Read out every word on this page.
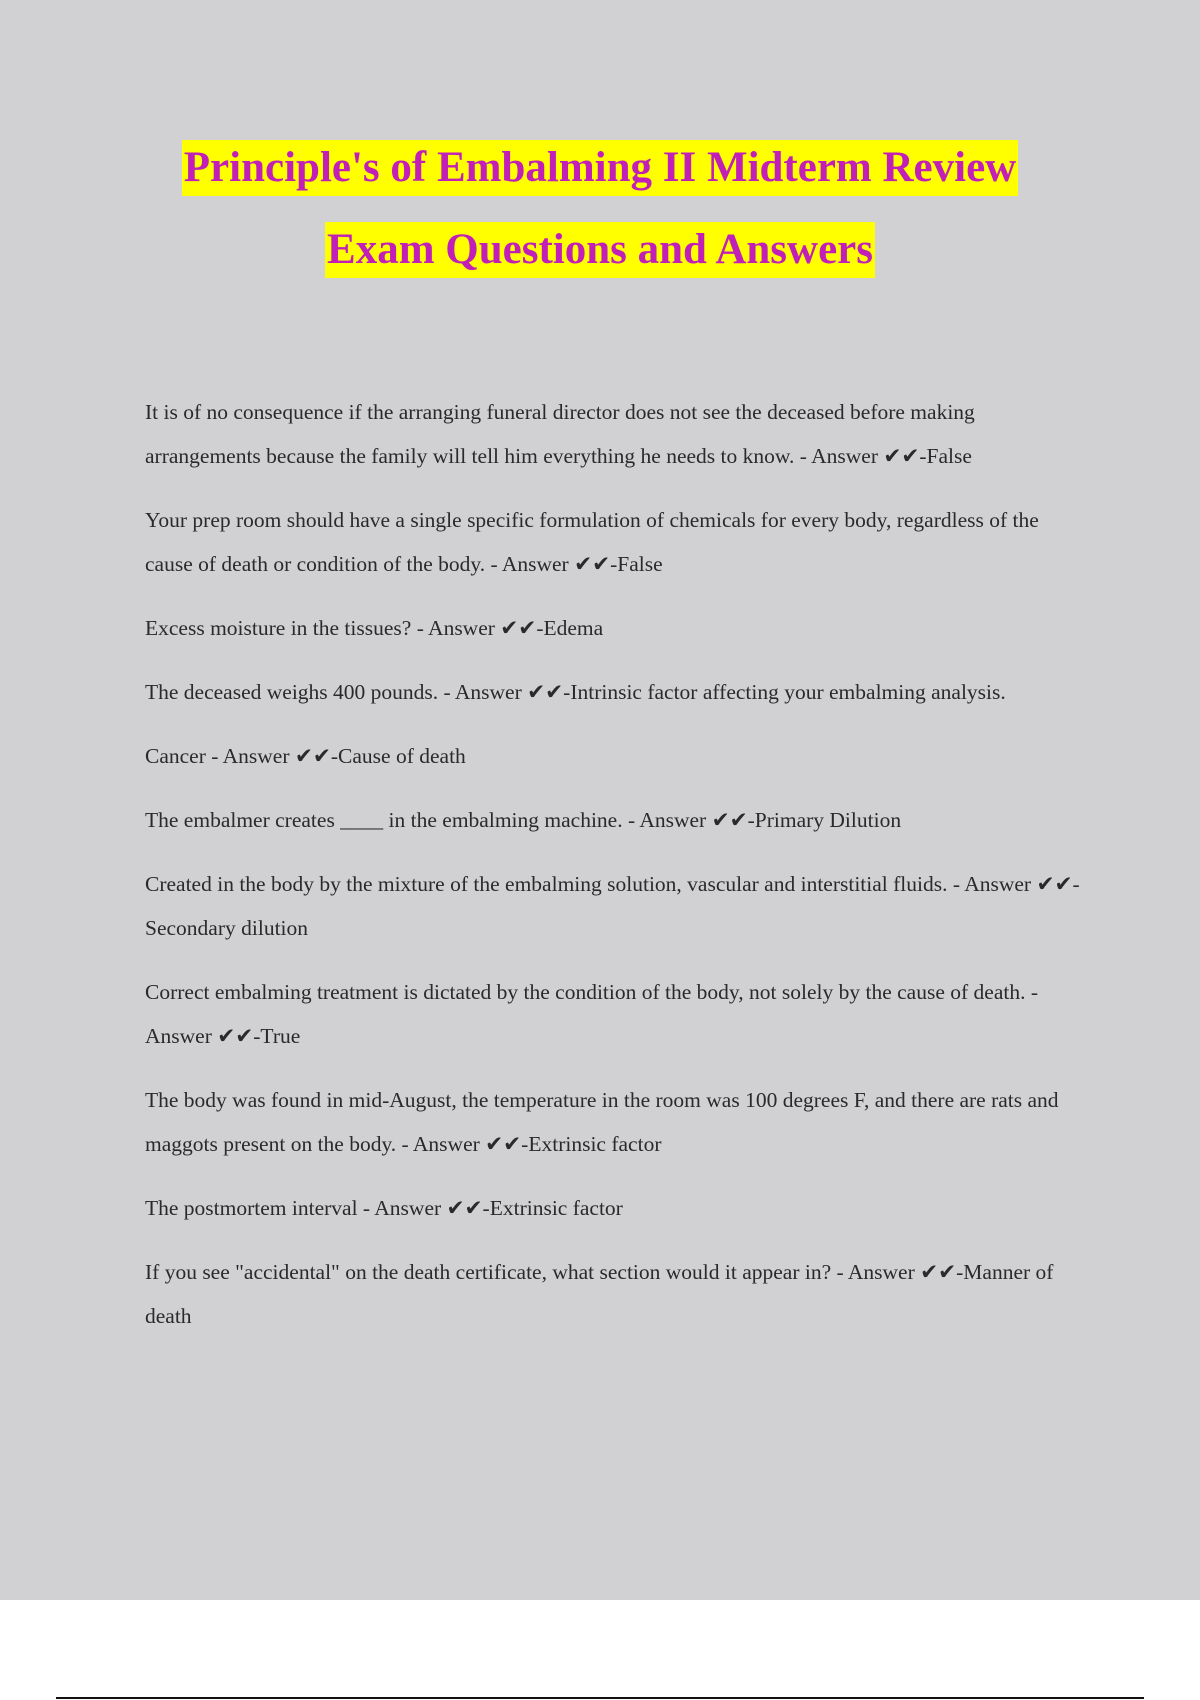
Principle's of Embalming II Midterm Review
Exam Questions and Answers
It is of no consequence if the arranging funeral director does not see the deceased before making arrangements because the family will tell him everything he needs to know. - Answer ✔✔-False
Your prep room should have a single specific formulation of chemicals for every body, regardless of the cause of death or condition of the body. - Answer ✔✔-False
Excess moisture in the tissues? - Answer ✔✔-Edema
The deceased weighs 400 pounds. - Answer ✔✔-Intrinsic factor affecting your embalming analysis.
Cancer - Answer ✔✔-Cause of death
The embalmer creates ____ in the embalming machine. - Answer ✔✔-Primary Dilution
Created in the body by the mixture of the embalming solution, vascular and interstitial fluids. - Answer ✔✔-Secondary dilution
Correct embalming treatment is dictated by the condition of the body, not solely by the cause of death. - Answer ✔✔-True
The body was found in mid-August, the temperature in the room was 100 degrees F, and there are rats and maggots present on the body. - Answer ✔✔-Extrinsic factor
The postmortem interval - Answer ✔✔-Extrinsic factor
If you see "accidental" on the death certificate, what section would it appear in? - Answer ✔✔-Manner of death
